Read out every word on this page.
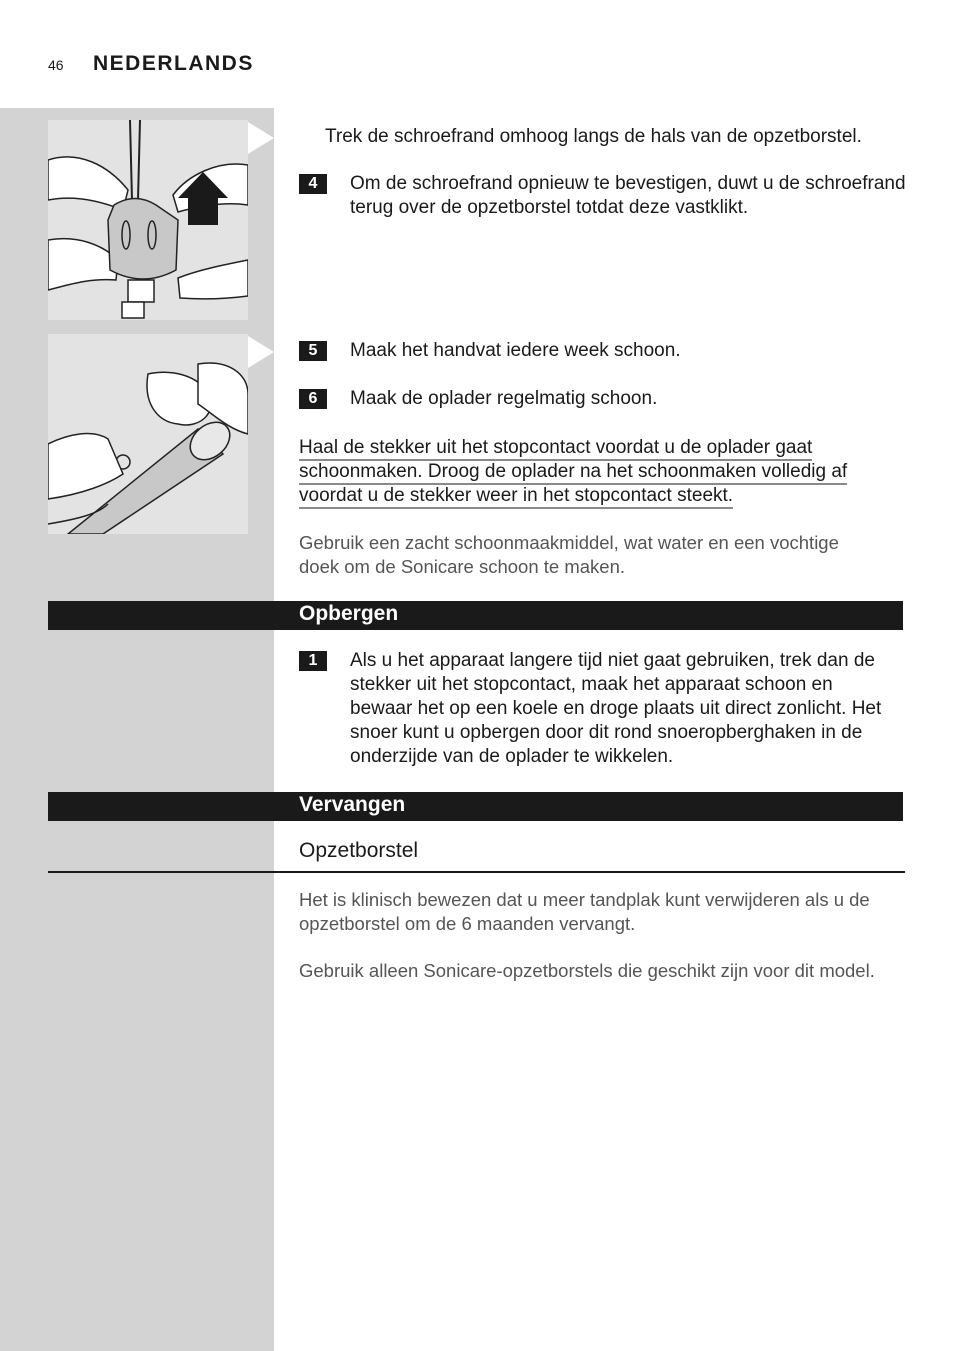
46 NEDERLANDS
Trek de schroefrand omhoog langs de hals van de opzetborstel.
4	Om de schroefrand opnieuw te bevestigen, duwt u de schroefrand terug over de opzetborstel totdat deze vastklikt.
5	Maak het handvat iedere week schoon.
6	Maak de oplader regelmatig schoon.
Haal de stekker uit het stopcontact voordat u de oplader gaat
schoonmaken. Droog de oplader na het schoonmaken volledig af
voordat u de stekker weer in het stopcontact steekt.
Gebruik een zacht schoonmaakmiddel, wat water en een vochtige doek om de Sonicare schoon te maken.
Opbergen
1	Als u het apparaat langere tijd niet gaat gebruiken, trek dan de stekker uit het stopcontact, maak het apparaat schoon en bewaar het op een koele en droge plaats uit direct zonlicht. Het snoer kunt u opbergen door dit rond snoeropberghaken in de onderzijde van de oplader te wikkelen.
Vervangen
Opzetborstel
Het is klinisch bewezen dat u meer tandplak kunt verwijderen als u de opzetborstel om de 6 maanden vervangt.
Gebruik alleen Sonicare-opzetborstels die geschikt zijn voor dit model.
